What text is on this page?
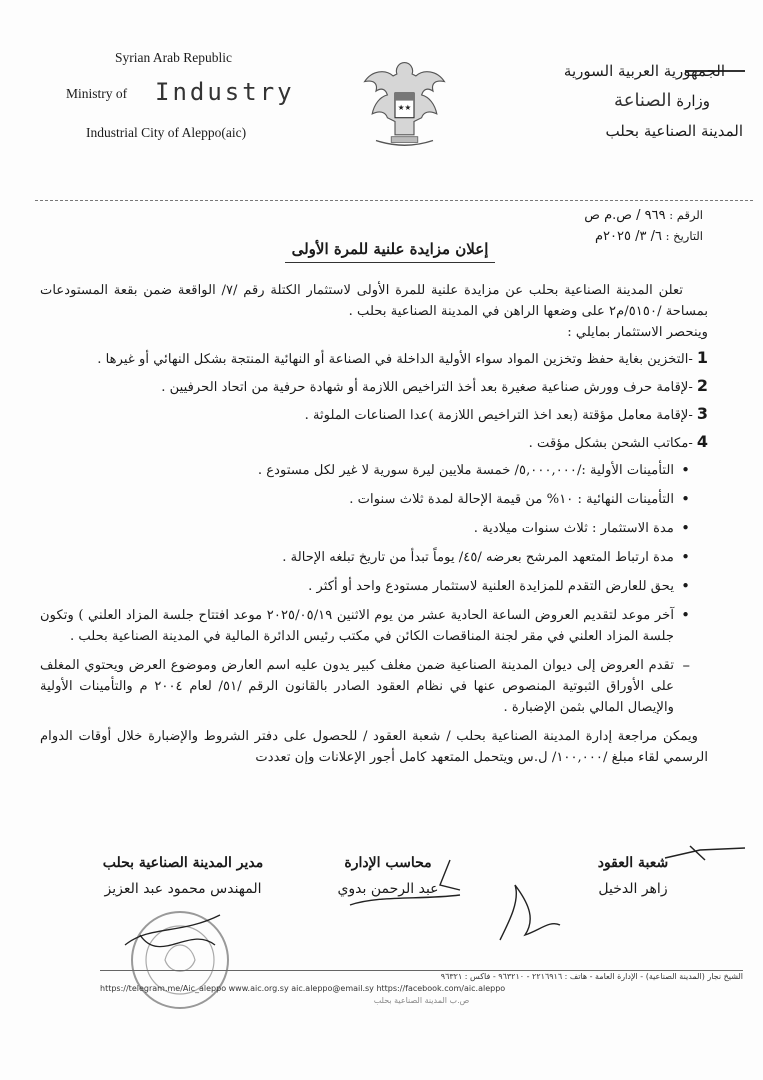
Syrian Arab Republic
Ministry of	Industry
Industrial City of Aleppo(aic)
★★
الجمهورية العربية السورية
وزارة الصناعة
المدينة الصناعية بحلب
الرقم : ٩٦٩ / ص.م ص
التاريخ : ٦/ ٣/ ٢٠٢٥م
إعلان مزايدة علنية للمرة الأولى

تعلن المدينة الصناعية بحلب عن مزايدة علنية للمرة الأولى لاستثمار الكتلة رقم /٧/ الواقعة ضمن بقعة المستودعات بمساحة /٥١٥٠/م٢ على وضعها الراهن في المدينة الصناعية بحلب .

وينحصر الاستثمار بمايلي :

1-التخزين بغاية حفظ وتخزين المواد سواء الأولية الداخلة في الصناعة أو النهائية المنتجة بشكل النهائي أو غيرها .
2-لإقامة حرف وورش صناعية صغيرة بعد أخذ التراخيص اللازمة أو شهادة حرفية من اتحاد الحرفيين .
3-لإقامة معامل مؤقتة (بعد اخذ التراخيص اللازمة )عدا الصناعات الملوثة .
4-مكاتب الشحن بشكل مؤقت .
• التأمينات الأولية :/٥,٠٠٠,٠٠٠/ خمسة ملايين ليرة سورية لا غير لكل مستودع .
• التأمينات النهائية : ١٠% من قيمة الإحالة لمدة ثلاث سنوات .
• مدة الاستثمار : ثلاث سنوات ميلادية .
• مدة ارتباط المتعهد المرشح بعرضه /٤٥/ يوماً تبدأ من تاريخ تبلغه الإحالة .
• يحق للعارض التقدم للمزايدة العلنية لاستثمار مستودع واحد أو أكثر .
• آخر موعد لتقديم العروض الساعة الحادية عشر من يوم الاثنين ٢٠٢٥/٠٥/١٩ موعد افتتاح جلسة المزاد العلني ) وتكون جلسة المزاد العلني في مقر لجنة المناقصات الكائن في مكتب رئيس الدائرة المالية في المدينة الصناعية بحلب .
– تقدم العروض إلى ديوان المدينة الصناعية ضمن مغلف كبير يدون عليه اسم العارض وموضوع العرض ويحتوي المغلف على الأوراق الثبوتية المنصوص عنها في نظام العقود الصادر بالقانون الرقم /٥١/ لعام ٢٠٠٤ م والتأمينات الأولية والإيصال المالي بثمن الإضبارة .

ويمكن مراجعة إدارة المدينة الصناعية بحلب / شعبة العقود / للحصول على دفتر الشروط والإضبارة خلال أوقات الدوام الرسمي لقاء مبلغ /١٠٠,٠٠٠/ ل.س ويتحمل المتعهد كامل أجور الإعلانات وإن تعددت

شعبة العقود
زاهر الدخيل
محاسب الإدارة
عبد الرحمن بدوي
مدير المدينة الصناعية بحلب
المهندس محمود عبد العزيز
الشيخ نجار (المدينة الصناعية) - الإدارة العامة - هاتف : ٢٢١٦٩١٦ - ٩٦٣٢١٠ - فاكس : ٩٦٣٢١
https://telegram.me/Aic_aleppo www.aic.org.sy aic.aleppo@email.sy https://facebook.com/aic.aleppo
ص.ب المدينة الصناعية بحلب
